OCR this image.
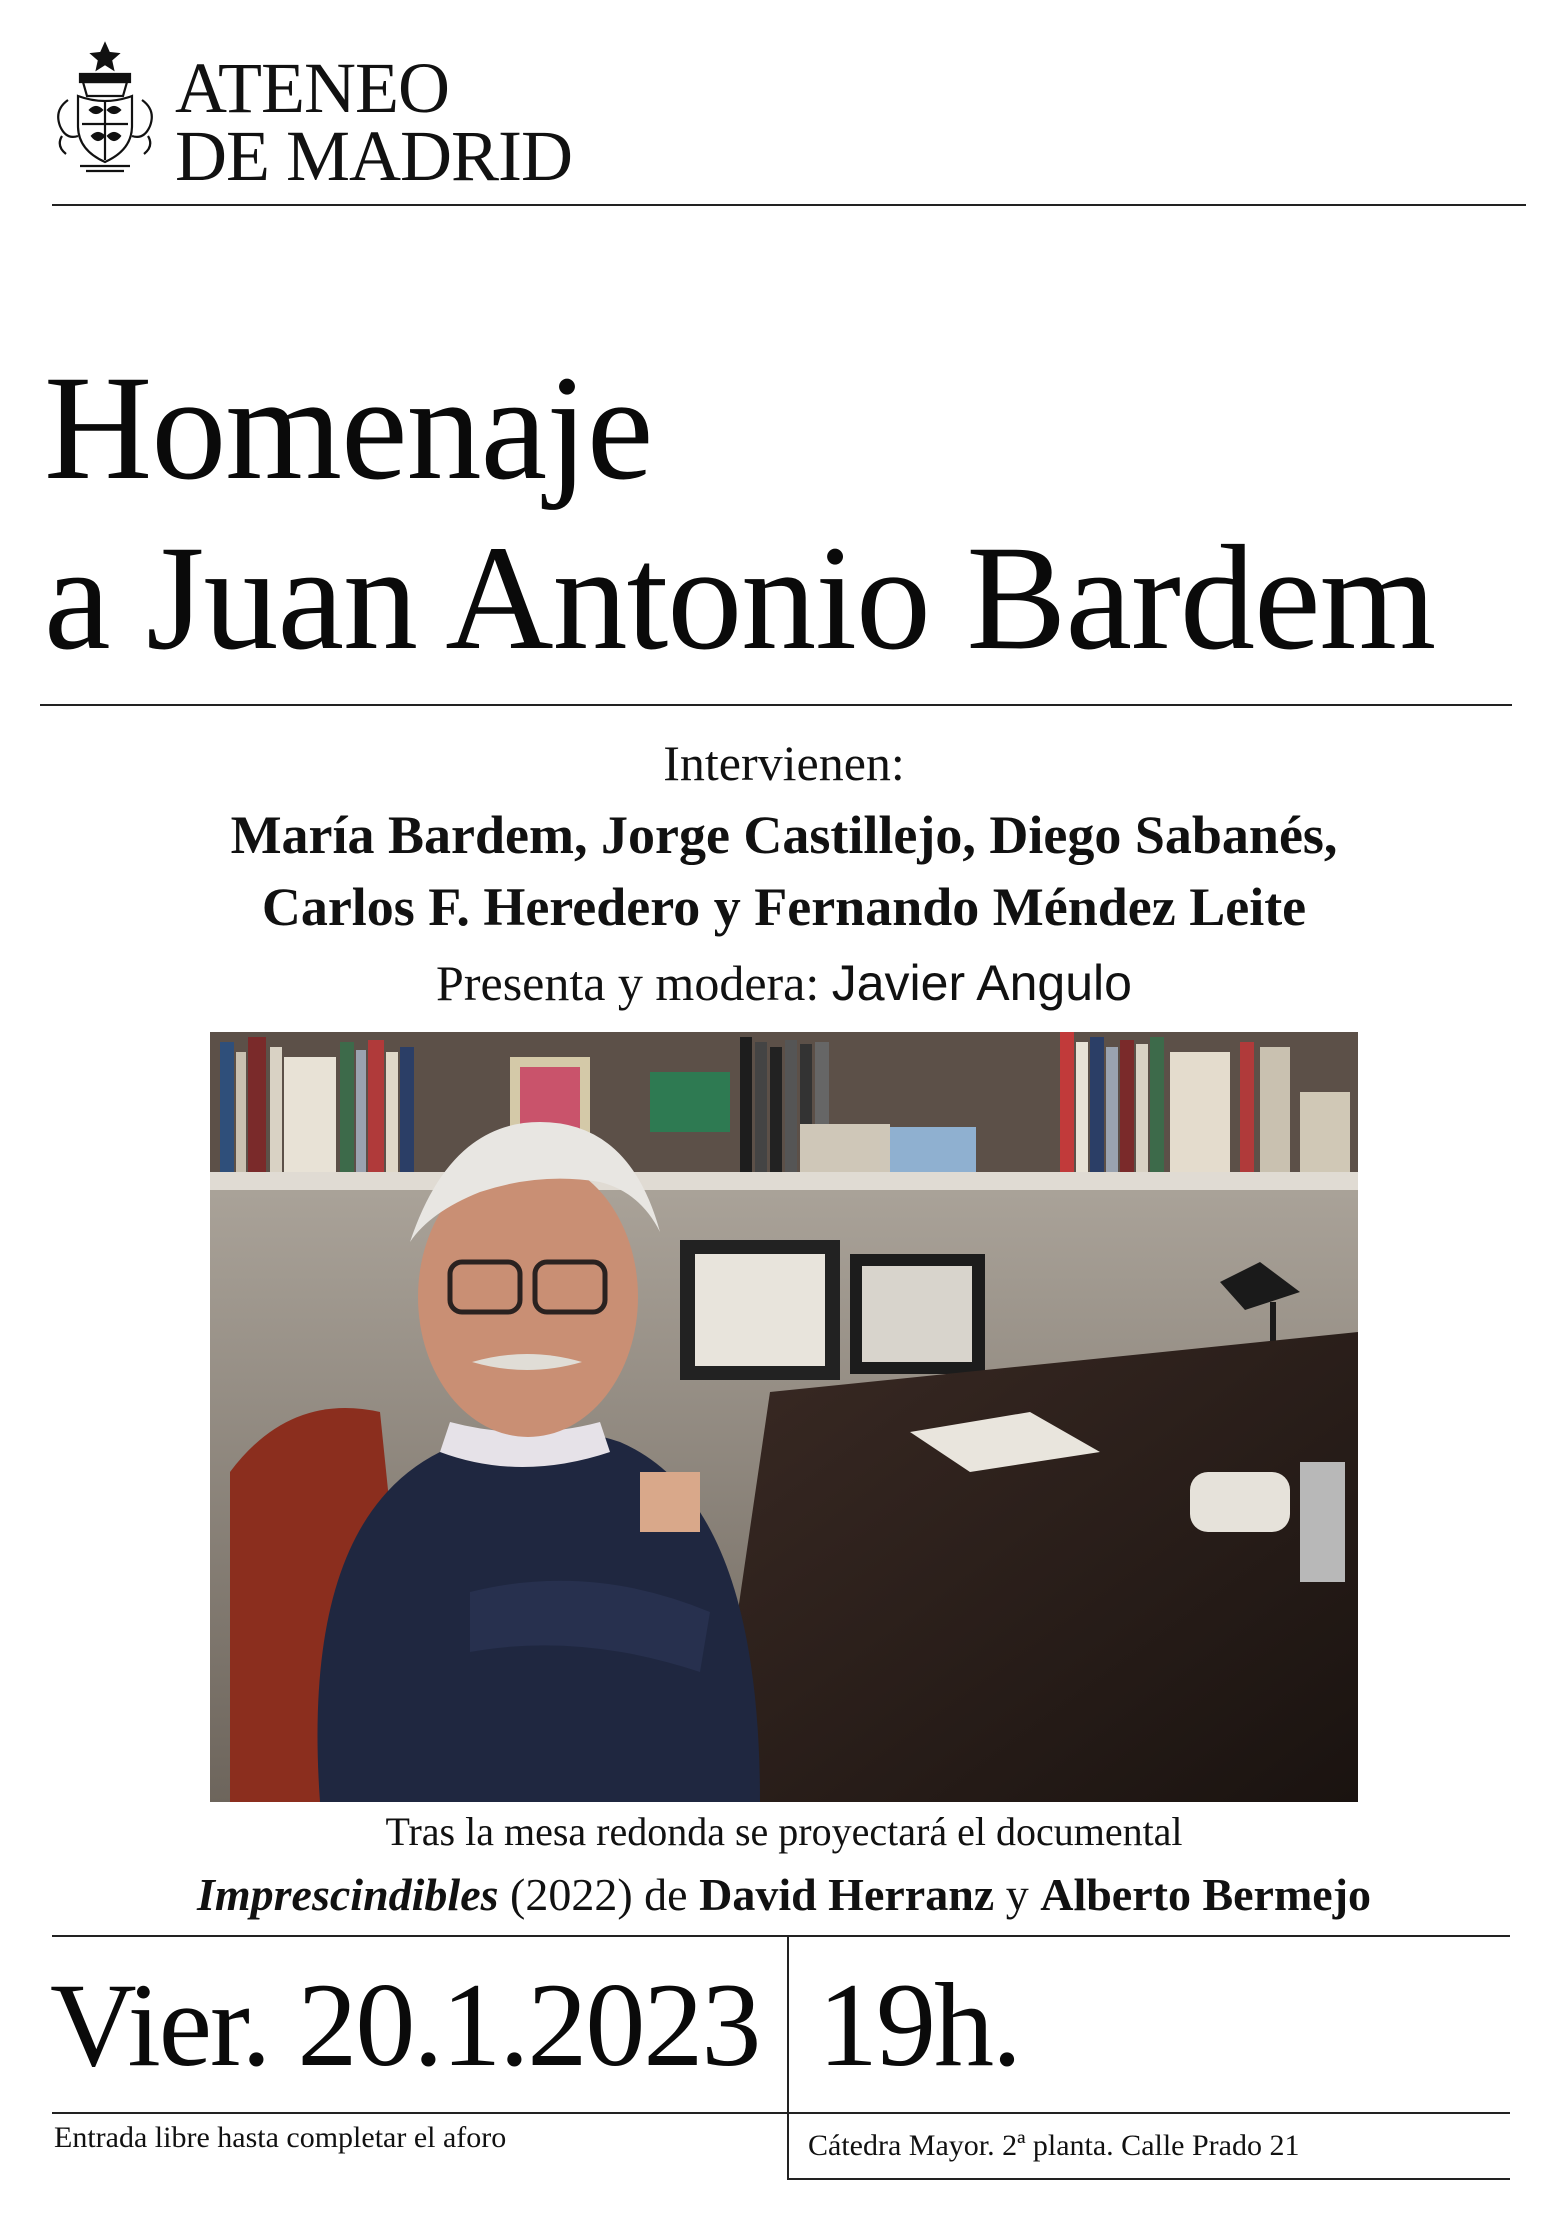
ATENEO
DE MADRID
Homenaje
a Juan Antonio Bardem
Intervienen:
María Bardem, Jorge Castillejo, Diego Sabanés,
Carlos F. Heredero y Fernando Méndez Leite
Presenta y modera: Javier Angulo
Tras la mesa redonda se proyectará el documental
Imprescindibles (2022) de David Herranz y Alberto Bermejo
Vier. 20.1.2023 19h.
Entrada libre hasta completar el aforo	Cátedra Mayor. 2ª planta. Calle Prado 21
